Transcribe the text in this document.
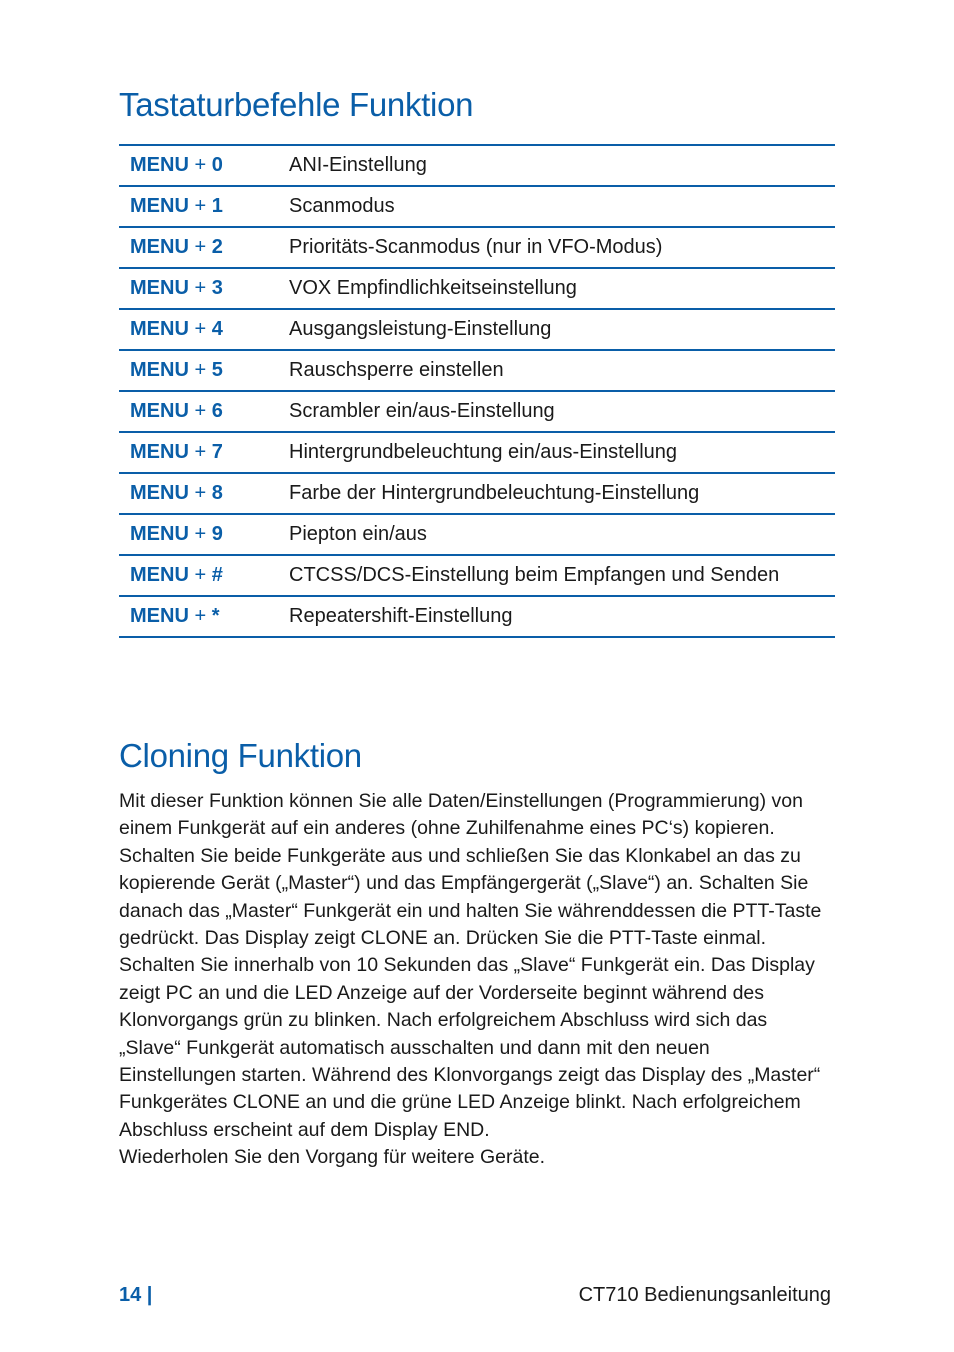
Tastaturbefehle Funktion
MENU + 0	ANI-Einstellung
MENU + 1	Scanmodus
MENU + 2	Prioritäts-Scanmodus (nur in VFO-Modus)
MENU + 3	VOX Empfindlichkeitseinstellung
MENU + 4	Ausgangsleistung-Einstellung
MENU + 5	Rauschsperre einstellen
MENU + 6	Scrambler ein/aus-Einstellung
MENU + 7	Hintergrundbeleuchtung ein/aus-Einstellung
MENU + 8	Farbe der Hintergrundbeleuchtung-Einstellung
MENU + 9	Piepton ein/aus
MENU + #	CTCSS/DCS-Einstellung beim Empfangen und Senden
MENU + *	Repeatershift-Einstellung
Cloning Funktion

Mit dieser Funktion können Sie alle Daten/Einstellungen (Programmierung) von einem Funkgerät auf ein anderes (ohne Zuhilfenahme eines PC‘s) kopieren. Schalten Sie beide Funkgeräte aus und schließen Sie das Klonkabel an das zu kopierende Gerät („Master“) und das Empfängergerät („Slave“) an. Schalten Sie danach das „Master“ Funkgerät ein und halten Sie währenddessen die PTT-Taste gedrückt. Das Display zeigt CLONE an. Drücken Sie die PTT-Taste einmal. Schalten Sie innerhalb von 10 Sekunden das „Slave“ Funkgerät ein. Das Display zeigt PC an und die LED Anzeige auf der Vorderseite beginnt während des Klonvorgangs grün zu blinken. Nach erfolgreichem Abschluss wird sich das „Slave“ Funkgerät automatisch ausschalten und dann mit den neuen Einstellungen starten. Während des Klonvorgangs zeigt das Display des „Master“ Funkgerätes CLONE an und die grüne LED Anzeige blinkt. Nach erfolgreichem Abschluss erscheint auf dem Display END.

Wiederholen Sie den Vorgang für weitere Geräte.

14 |	CT710 Bedienungsanleitung
